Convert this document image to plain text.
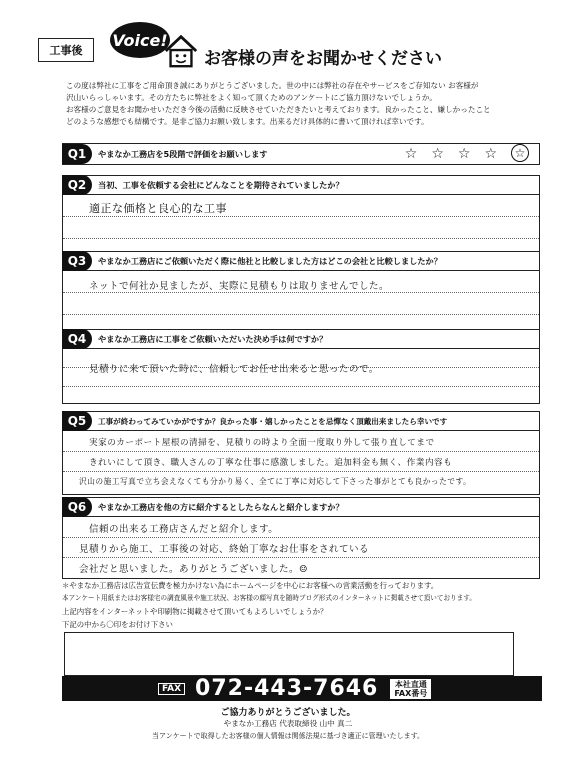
工事後
Voice!
お客様の声をお聞かせください
この度は弊社に工事をご用命頂き誠にありがとうございました。世の中には弊社の存在やサービスをご存知ない お客様が
沢山いらっしゃいます。その方たちに弊社をよく知って頂くためのアンケートにご協力頂けないでしょうか。
お客様のご意見をお聞かせいただき今後の活動に反映させていただきたいと考えております。良かったこと、嫌しかったこと
どのような感想でも結構です。是非ご協力お願い致します。出来るだけ具体的に書いて頂ければ幸いです。
Q1	やまなか工務店を5段階で評価をお願いします	☆ ☆ ☆ ☆	☆
Q2	当初、工事を依頼する会社にどんなことを期待されていましたか？
適正な価格と良心的な工事
Q3	やまなか工務店にご依頼いただく際に他社と比較しました方はどこの会社と比較しましたか？
ネットで何社か見ましたが、実際に見積もりは取りませんでした。
Q4	やまなか工務店に工事をご依頼いただいた決め手は何ですか？
見積りに来て頂いた時に、信頼してお任せ出来ると思ったので。
Q5	工事が終わってみていかがですか？良かった事・嬉しかったことを忌憚なく頂戴出来ましたら幸いです
実家のカーポート屋根の清掃を、見積りの時より全面一度取り外して張り直してまで
きれいにして頂き、職人さんの丁寧な仕事に感激しました。追加料金も無く、作業内容も
沢山の施工写真で立ち会えなくても分かり易く、全てに丁寧に対応して下さった事がとても良かったです。
Q6	やまなか工務店を他の方に紹介するとしたらなんと紹介しますか？
信頼の出来る工務店さんだと紹介します。
見積りから施工、工事後の対応、終始丁寧なお仕事をされている
会社だと思いました。ありがとうございました。☺
＊やまなか工務店は広告宣伝費を極力かけない為にホームページを中心にお客様への営業活動を行っております。
本アンケート用紙またはお客様宅の調査風景や施工状況、お客様の顔写真を随時ブログ形式のインターネットに掲載させて頂いております。
上記内容をインターネットや印刷物に掲載させて頂いてもよろしいでしょうか？
下記の中から〇印をお付け下さい
FAX 072-443-7646	本社直通
FAX番号
ご協力ありがとうございました。
やまなか工務店 代表取締役 山中 真二
当アンケートで取得したお客様の個人情報は関係法規に基づき適正に管理いたします。
